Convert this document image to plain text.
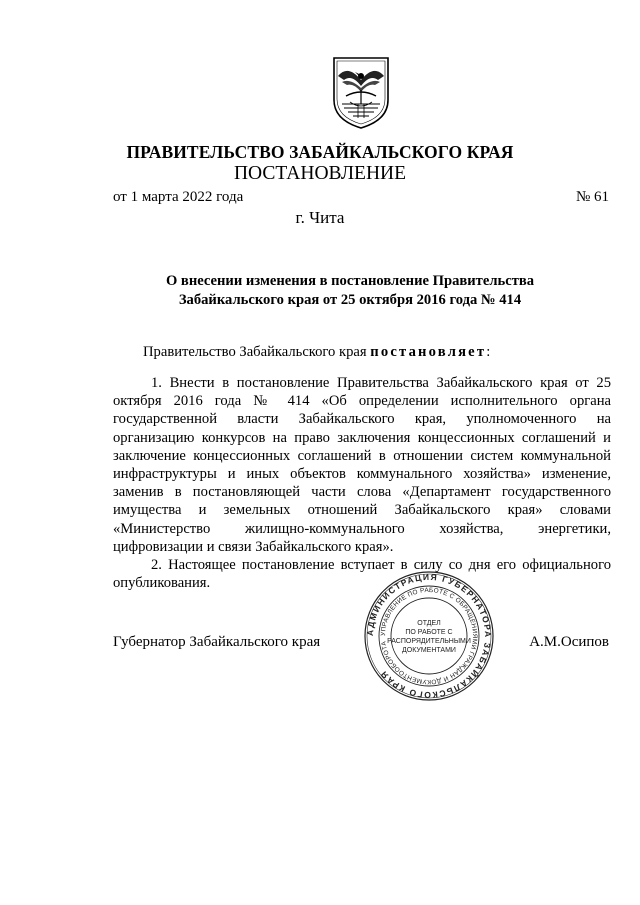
ПРАВИТЕЛЬСТВО ЗАБАЙКАЛЬСКОГО КРАЯ
ПОСТАНОВЛЕНИЕ
от 1 марта 2022 года	№ 61
г. Чита
О внесении изменения в постановление Правительства
Забайкальского края от 25 октября 2016 года № 414
Правительство Забайкальского края постановляет:

1. Внести в постановление Правительства Забайкальского края от 25 октября 2016 года № 414 «Об определении исполнительного органа государственной власти Забайкальского края, уполномоченного на организацию конкурсов на право заключения концессионных соглашений и заключение концессионных соглашений в отношении систем коммунальной инфраструктуры и иных объектов коммунального хозяйства» изменение, заменив в постановляющей части слова «Департамент государственного имущества и земельных отношений Забайкальского края» словами «Министерство жилищно-коммунального хозяйства, энергетики, цифровизации и связи Забайкальского края».

2. Настоящее постановление вступает в силу со дня его официального опубликования.

Губернатор Забайкальского края	А.М.Осипов
АДМИНИСТРАЦИЯ ГУБЕРНАТОРА ЗАБАЙКАЛЬСКОГО КРАЯ
УПРАВЛЕНИЕ ПО РАБОТЕ С ОБРАЩЕНИЯМИ ГРАЖДАН И ДОКУМЕНТООБОРОТА
ОТДЕЛ
ПО РАБОТЕ С
РАСПОРЯДИТЕЛЬНЫМИ
ДОКУМЕНТАМИ
